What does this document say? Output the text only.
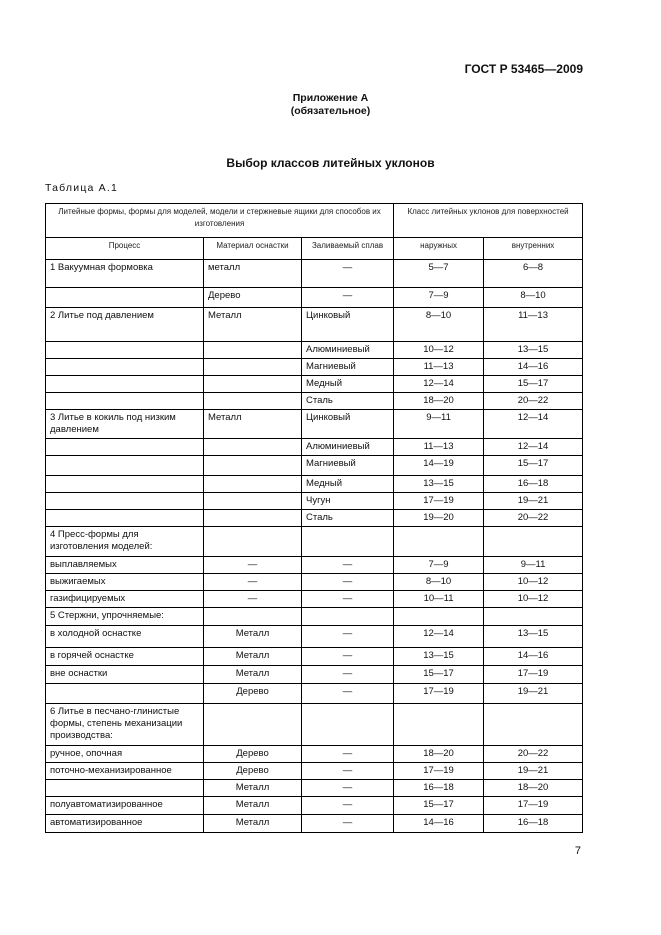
ГОСТ Р 53465—2009
Приложение А
(обязательное)
Выбор классов литейных уклонов
Таблица А.1
Литейные формы, формы для моделей, модели и стержневые ящики для способов их изготовления			Класс литейных уклонов для поверхностей	
Процесс	Материал оснастки	Заливаемый сплав	наружных	внутренних
1 Вакуумная формовка	металл	—	5—7	6—8
	Дерево	—	7—9	8—10
2 Литье под давлением	Металл	Цинковый	8—10	11—13
		Алюминиевый	10—12	13—15
		Магниевый	11—13	14—16
		Медный	12—14	15—17
		Сталь	18—20	20—22
3 Литье в кокиль под низким давлением	Металл	Цинковый	9—11	12—14
		Алюминиевый	11—13	12—14
		Магниевый	14—19	15—17
		Медный	13—15	16—18
		Чугун	17—19	19—21
		Сталь	19—20	20—22
4 Пресс-формы для изготовления моделей:				
выплавляемых	—	—	7—9	9—11
выжигаемых	—	—	8—10	10—12
газифицируемых	—	—	10—11	10—12
5 Стержни, упрочняемые:				
в холодной оснастке	Металл	—	12—14	13—15
в горячей оснастке	Металл	—	13—15	14—16
вне оснастки	Металл	—	15—17	17—19
	Дерево	—	17—19	19—21
6 Литье в песчано-глинистые формы, степень механизации производства:				
ручное, опочная	Дерево	—	18—20	20—22
поточно-механизированное	Дерево	—	17—19	19—21
	Металл	—	16—18	18—20
полуавтоматизированное	Металл	—	15—17	17—19
автоматизированное	Металл	—	14—16	16—18
7
